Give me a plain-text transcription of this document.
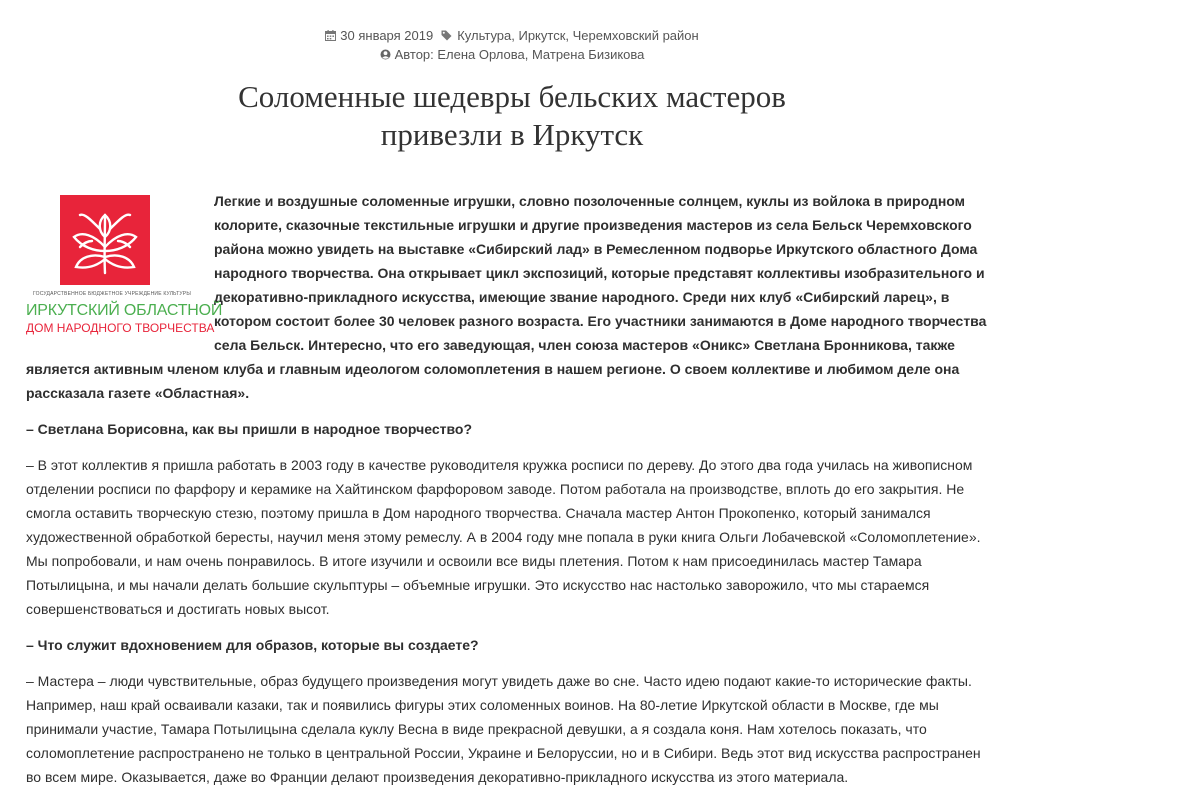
30 января 2019 Культура, Иркутск, Черемховский район
Автор: Елена Орлова, Матрена Бизикова
Соломенные шедевры бельских мастеров
привезли в Иркутск
ГОСУДАРСТВЕННОЕ БЮДЖЕТНОЕ УЧРЕЖДЕНИЕ КУЛЬТУРЫ
ИРКУТСКИЙ ОБЛАСТНОЙ
ДОМ НАРОДНОГО ТВОРЧЕСТВА

Легкие и воздушные соломенные игрушки, словно позолоченные солнцем, куклы из войлока в природном колорите, сказочные текстильные игрушки и другие произведения мастеров из села Бельск Черемховского района можно увидеть на выставке «Сибирский лад» в Ремесленном подворье Иркутского областного Дома народного творчества. Она открывает цикл экспозиций, которые представят коллективы изобразительного и декоративно-прикладного искусства, имеющие звание народного. Среди них клуб «Сибирский ларец», в котором состоит более 30 человек разного возраста. Его участники занимаются в Доме народного творчества села Бельск. Интересно, что его заведующая, член союза мастеров «Оникс» Светлана Бронникова, также является активным членом клуба и главным идеологом соломоплетения в нашем регионе. О своем коллективе и любимом деле она рассказала газете «Областная».

– Светлана Борисовна, как вы пришли в народное творчество?

– В этот коллектив я пришла работать в 2003 году в качестве руководителя кружка росписи по дереву. До этого два года училась на живописном отделении росписи по фарфору и керамике на Хайтинском фарфоровом заводе. Потом работала на производстве, вплоть до его закрытия. Не смогла оставить творческую стезю, поэтому пришла в Дом народного творчества. Сначала мастер Антон Прокопенко, который занимался художественной обработкой бересты, научил меня этому ремеслу. А в 2004 году мне попала в руки книга Ольги Лобачевской «Соломоплетение». Мы попробовали, и нам очень понравилось. В итоге изучили и освоили все виды плетения. Потом к нам присоединилась мастер Тамара Потылицына, и мы начали делать большие скульптуры – объемные игрушки. Это искусство нас настолько заворожило, что мы стараемся совершенствоваться и достигать новых высот.

– Что служит вдохновением для образов, которые вы создаете?

– Мастера – люди чувствительные, образ будущего произведения могут увидеть даже во сне. Часто идею подают какие-то исторические факты. Например, наш край осваивали казаки, так и появились фигуры этих соломенных воинов. На 80-летие Иркутской области в Москве, где мы принимали участие, Тамара Потылицына сделала куклу Весна в виде прекрасной девушки, а я создала коня. Нам хотелось показать, что соломоплетение распространено не только в центральной России, Украине и Белоруссии, но и в Сибири. Ведь этот вид искусства распространен во всем мире. Оказывается, даже во Франции делают произведения декоративно-прикладного искусства из этого материала.
